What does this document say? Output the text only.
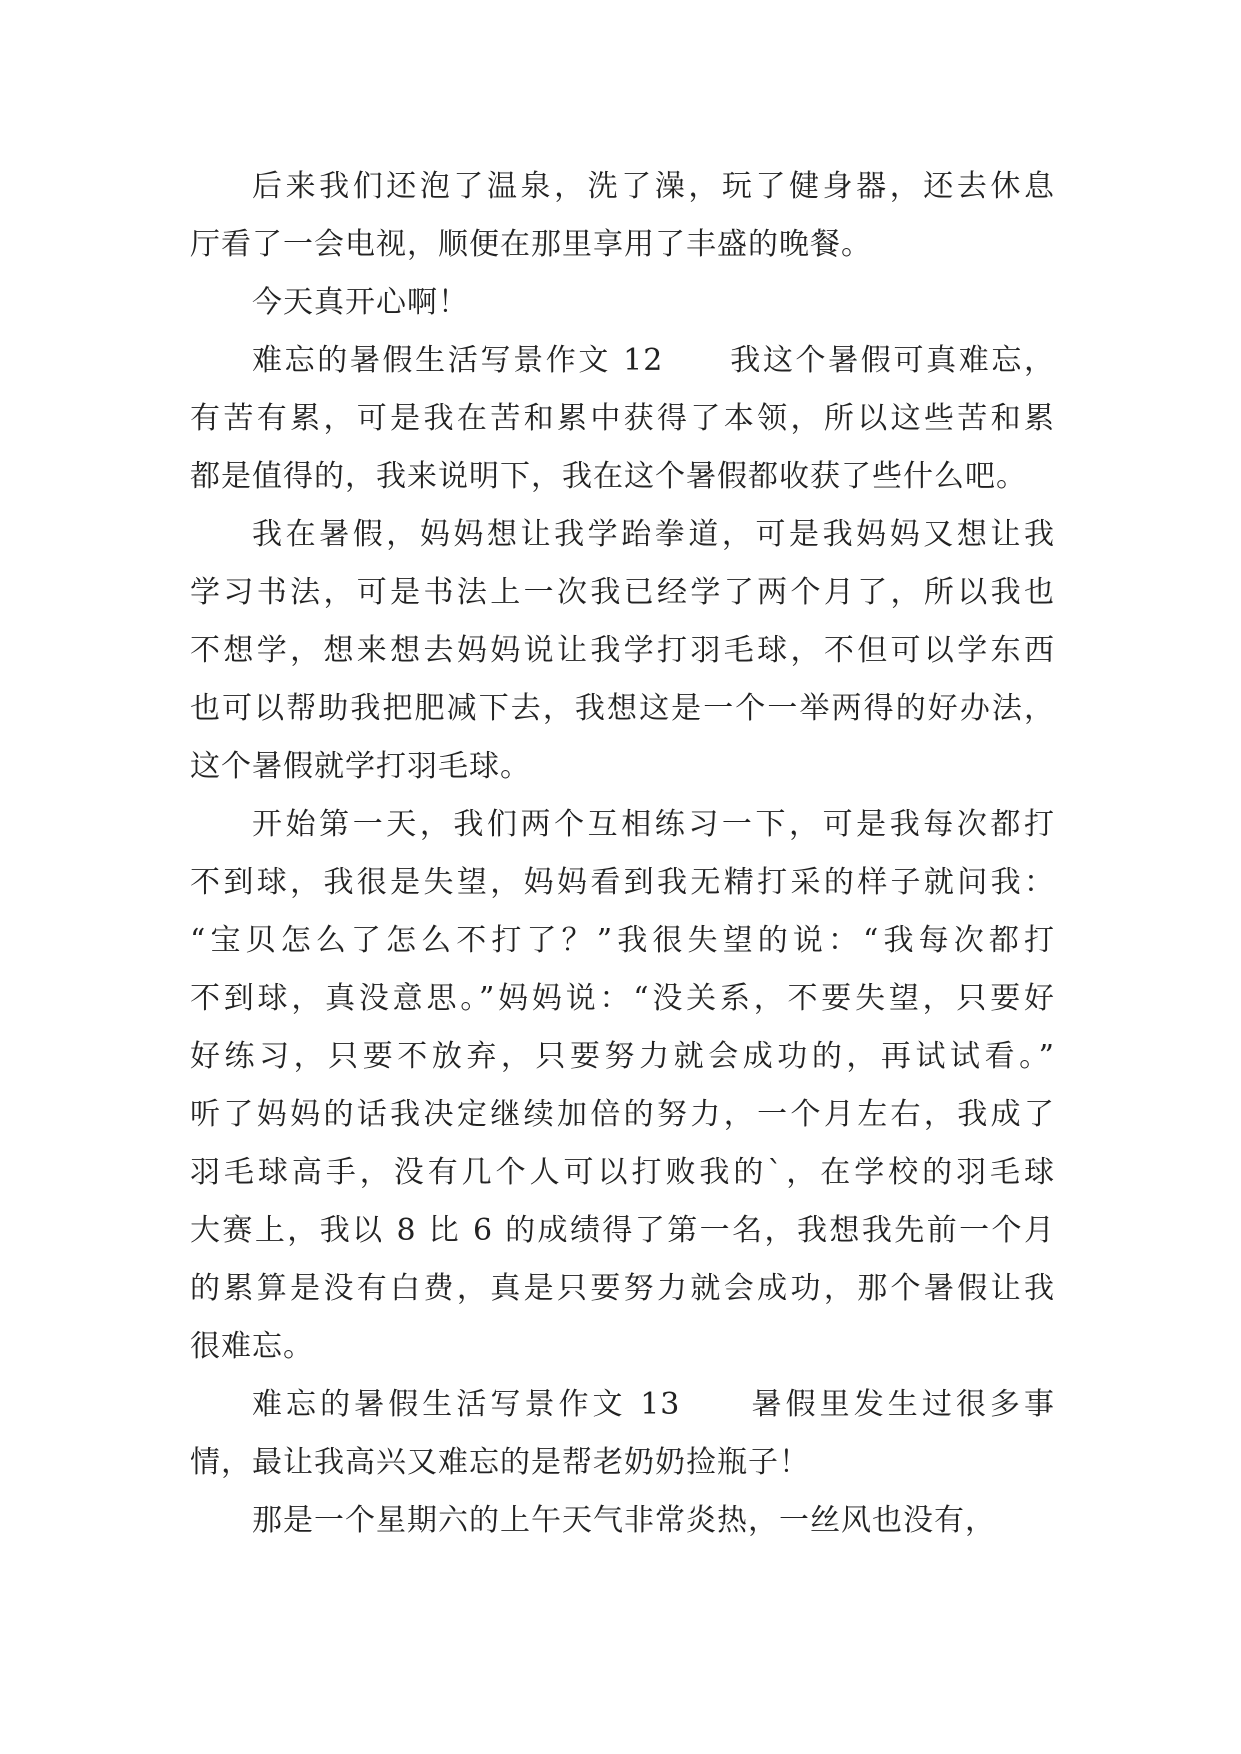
后来我们还泡了温泉，洗了澡，玩了健身器，还去休息
厅看了一会电视，顺便在那里享用了丰盛的晚餐。
今天真开心啊！
难忘的暑假生活写景作文 12　　我这个暑假可真难忘，
有苦有累，可是我在苦和累中获得了本领，所以这些苦和累
都是值得的，我来说明下，我在这个暑假都收获了些什么吧。
我在暑假，妈妈想让我学跆拳道，可是我妈妈又想让我
学习书法，可是书法上一次我已经学了两个月了，所以我也
不想学，想来想去妈妈说让我学打羽毛球，不但可以学东西
也可以帮助我把肥减下去，我想这是一个一举两得的好办法，
这个暑假就学打羽毛球。
开始第一天，我们两个互相练习一下，可是我每次都打
不到球，我很是失望，妈妈看到我无精打采的样子就问我：
“宝贝怎么了怎么不打了？”我很失望的说：“我每次都打
不到球，真没意思。”妈妈说：“没关系，不要失望，只要好
好练习，只要不放弃，只要努力就会成功的，再试试看。”
听了妈妈的话我决定继续加倍的努力，一个月左右，我成了
羽毛球高手，没有几个人可以打败我的`，在学校的羽毛球
大赛上，我以 8 比 6 的成绩得了第一名，我想我先前一个月
的累算是没有白费，真是只要努力就会成功，那个暑假让我
很难忘。
难忘的暑假生活写景作文 13　　暑假里发生过很多事
情，最让我高兴又难忘的是帮老奶奶捡瓶子！
那是一个星期六的上午天气非常炎热，一丝风也没有，
